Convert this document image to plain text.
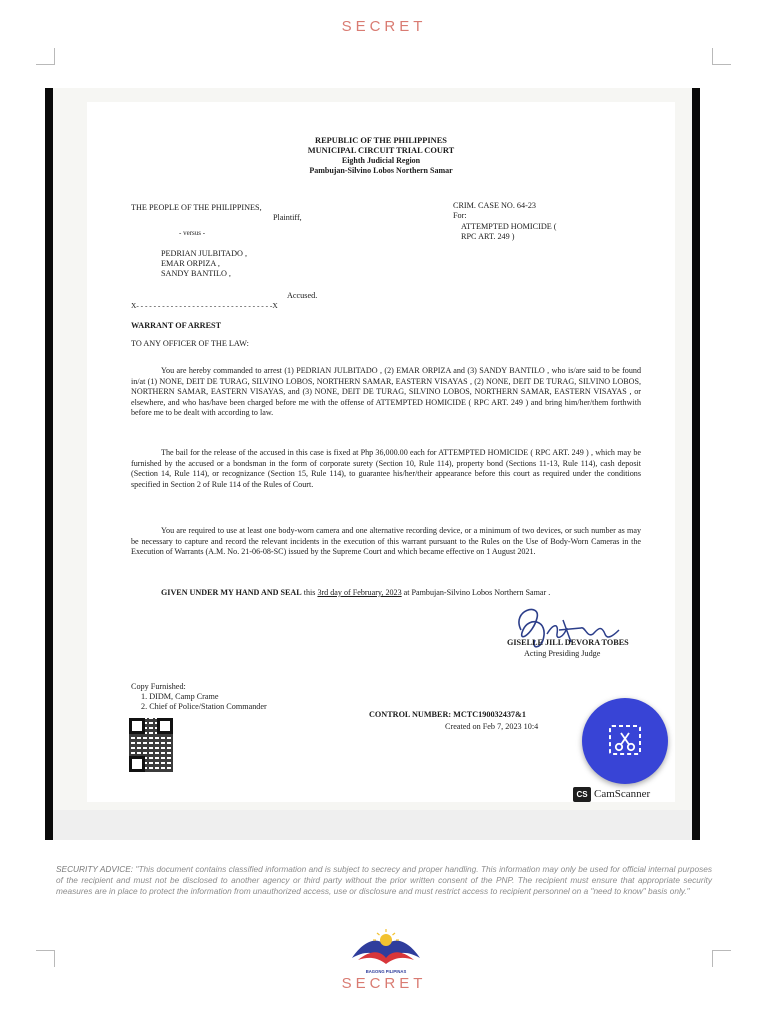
SECRET
REPUBLIC OF THE PHILIPPINES
MUNICIPAL CIRCUIT TRIAL COURT
Eighth Judicial Region
Pambujan-Silvino Lobos Northern Samar
THE PEOPLE OF THE PHILIPPINES,
Plaintiff,
- versus -
PEDRIAN JULBITADO ,
EMAR ORPIZA ,
SANDY BANTILO ,
Accused.
X- - - - - - - - - - - - - - - - - - - - - - - - - - - - - - - -X
CRIM. CASE NO. 64-23
For:
ATTEMPTED HOMICIDE (
RPC ART. 249 )
WARRANT OF ARREST
TO ANY OFFICER OF THE LAW:

You are hereby commanded to arrest (1) PEDRIAN JULBITADO , (2) EMAR ORPIZA and (3) SANDY BANTILO , who is/are said to be found in/at (1) NONE, DEIT DE TURAG, SILVINO LOBOS, NORTHERN SAMAR, EASTERN VISAYAS , (2) NONE, DEIT DE TURAG, SILVINO LOBOS, NORTHERN SAMAR, EASTERN VISAYAS, and (3) NONE, DEIT DE TURAG, SILVINO LOBOS, NORTHERN SAMAR, EASTERN VISAYAS , or elsewhere, and who has/have been charged before me with the offense of ATTEMPTED HOMICIDE ( RPC ART. 249 ) and bring him/her/them forthwith before me to be dealt with according to law.

The bail for the release of the accused in this case is fixed at Php 36,000.00 each for ATTEMPTED HOMICIDE ( RPC ART. 249 ) , which may be furnished by the accused or a bondsman in the form of corporate surety (Section 10, Rule 114), property bond (Sections 11-13, Rule 114), cash deposit (Section 14, Rule 114), or recognizance (Section 15, Rule 114), to guarantee his/her/their appearance before this court as required under the conditions specified in Section 2 of Rule 114 of the Rules of Court.

You are required to use at least one body-worn camera and one alternative recording device, or a minimum of two devices, or such number as may be necessary to capture and record the relevant incidents in the execution of this warrant pursuant to the Rules on the Use of Body-Worn Cameras in the Execution of Warrants (A.M. No. 21-06-08-SC) issued by the Supreme Court and which became effective on 1 August 2021.

GIVEN UNDER MY HAND AND SEAL this 3rd day of February, 2023 at Pambujan-Silvino Lobos Northern Samar .

GISELLE JILL DEVORA TOBES
Acting Presiding Judge
Copy Furnished:
1. DIDM, Camp Crame
2. Chief of Police/Station Commander
CONTROL NUMBER: MCTC190032437&1
Created on Feb 7, 2023 10:4
CS CamScanner
SECURITY ADVICE: "This document contains classified information and is subject to secrecy and proper handling. This information may only be used for official internal purposes of the recipient and must not be disclosed to another agency or third party without the prior written consent of the PNP. The recipient must ensure that appropriate security measures are in place to protect the information from unauthorized access, use or disclosure and must restrict access to recipient personnel on a "need to know" basis only."
BAGONG PILIPINAS
SECRET
